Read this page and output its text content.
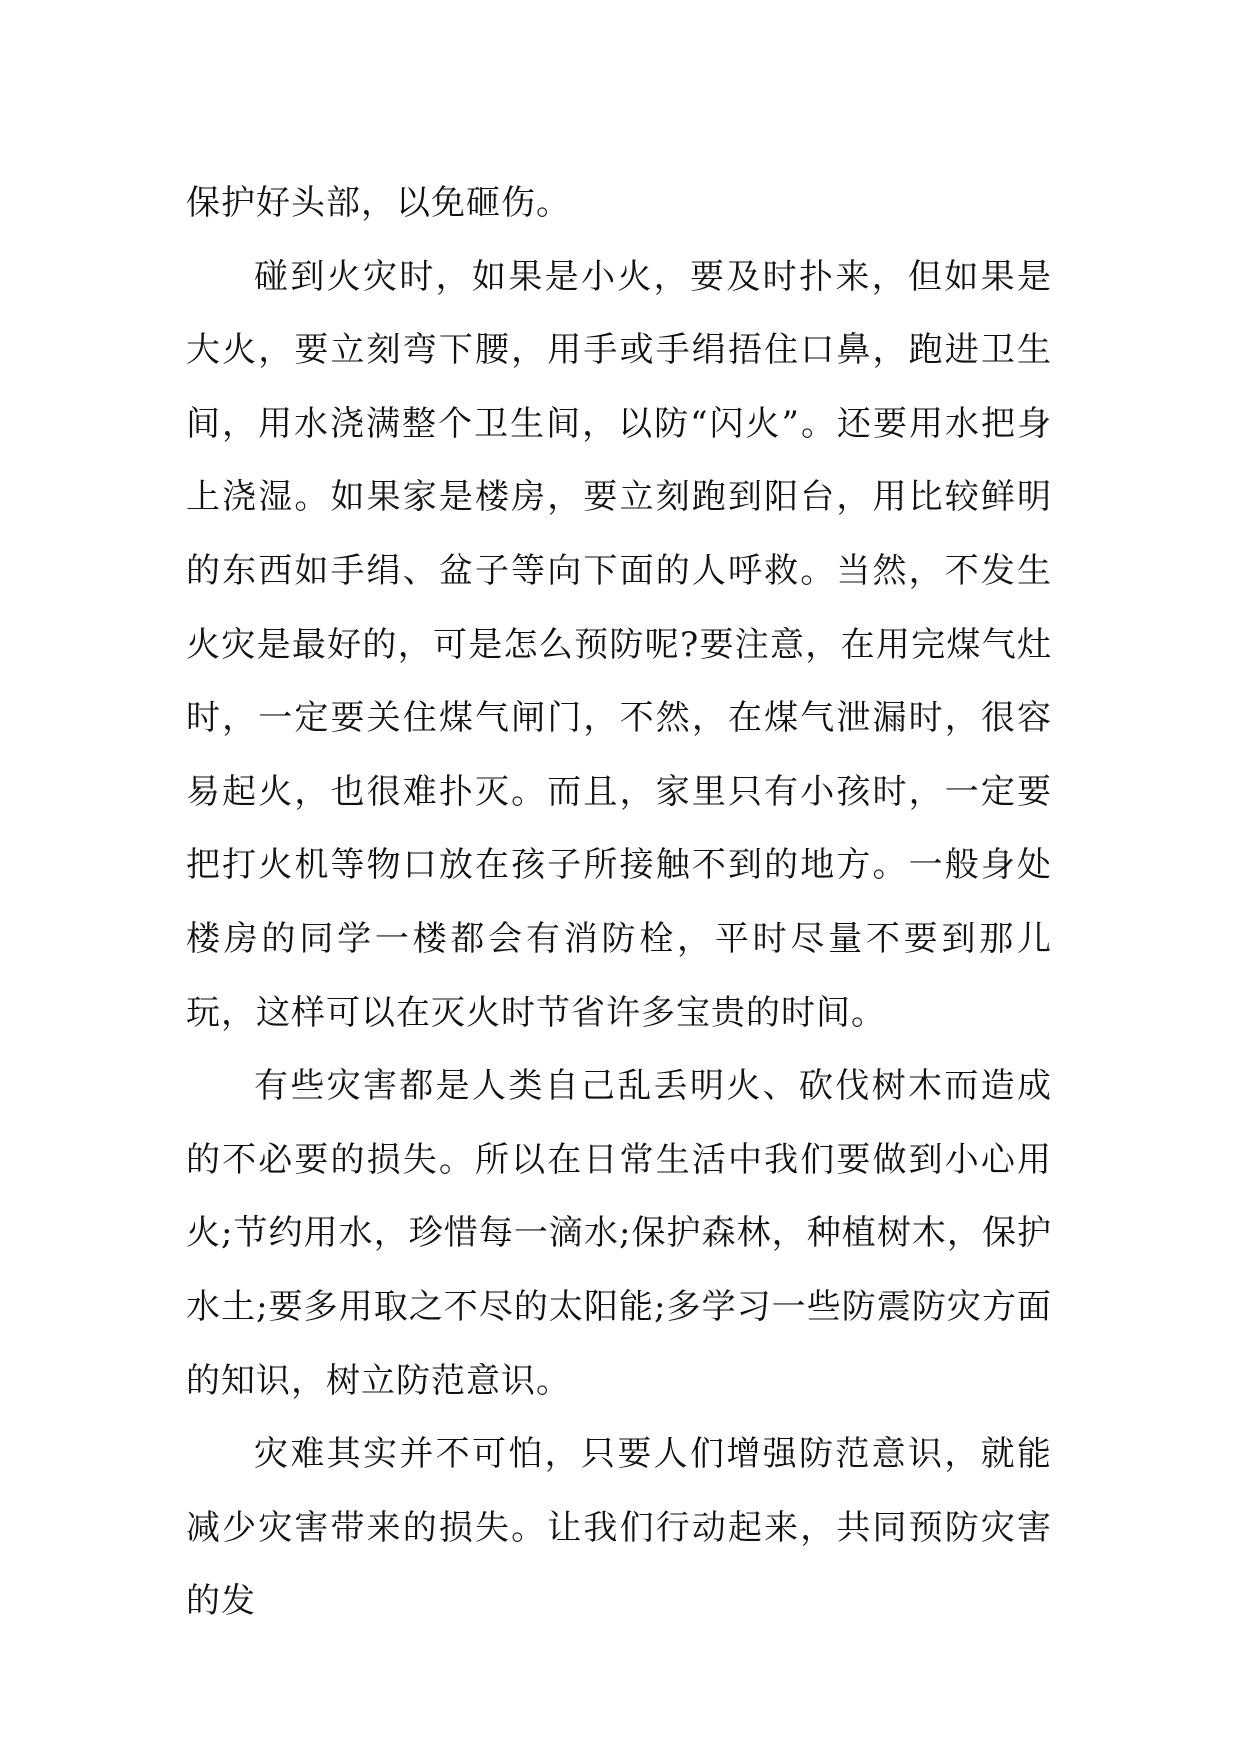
保护好头部，以免砸伤。

碰到火灾时，如果是小火，要及时扑来，但如果是大火，要立刻弯下腰，用手或手绢捂住口鼻，跑进卫生间，用水浇满整个卫生间，以防“闪火”。还要用水把身上浇湿。如果家是楼房，要立刻跑到阳台，用比较鲜明的东西如手绢、盆子等向下面的人呼救。当然，不发生火灾是最好的，可是怎么预防呢?要注意，在用完煤气灶时，一定要关住煤气闸门，不然，在煤气泄漏时，很容易起火，也很难扑灭。而且，家里只有小孩时，一定要把打火机等物口放在孩子所接触不到的地方。一般身处楼房的同学一楼都会有消防栓，平时尽量不要到那儿玩，这样可以在灭火时节省许多宝贵的时间。

有些灾害都是人类自己乱丢明火、砍伐树木而造成的不必要的损失。所以在日常生活中我们要做到小心用火;节约用水，珍惜每一滴水;保护森林，种植树木，保护水土;要多用取之不尽的太阳能;多学习一些防震防灾方面的知识，树立防范意识。

灾难其实并不可怕，只要人们增强防范意识，就能减少灾害带来的损失。让我们行动起来，共同预防灾害的发
